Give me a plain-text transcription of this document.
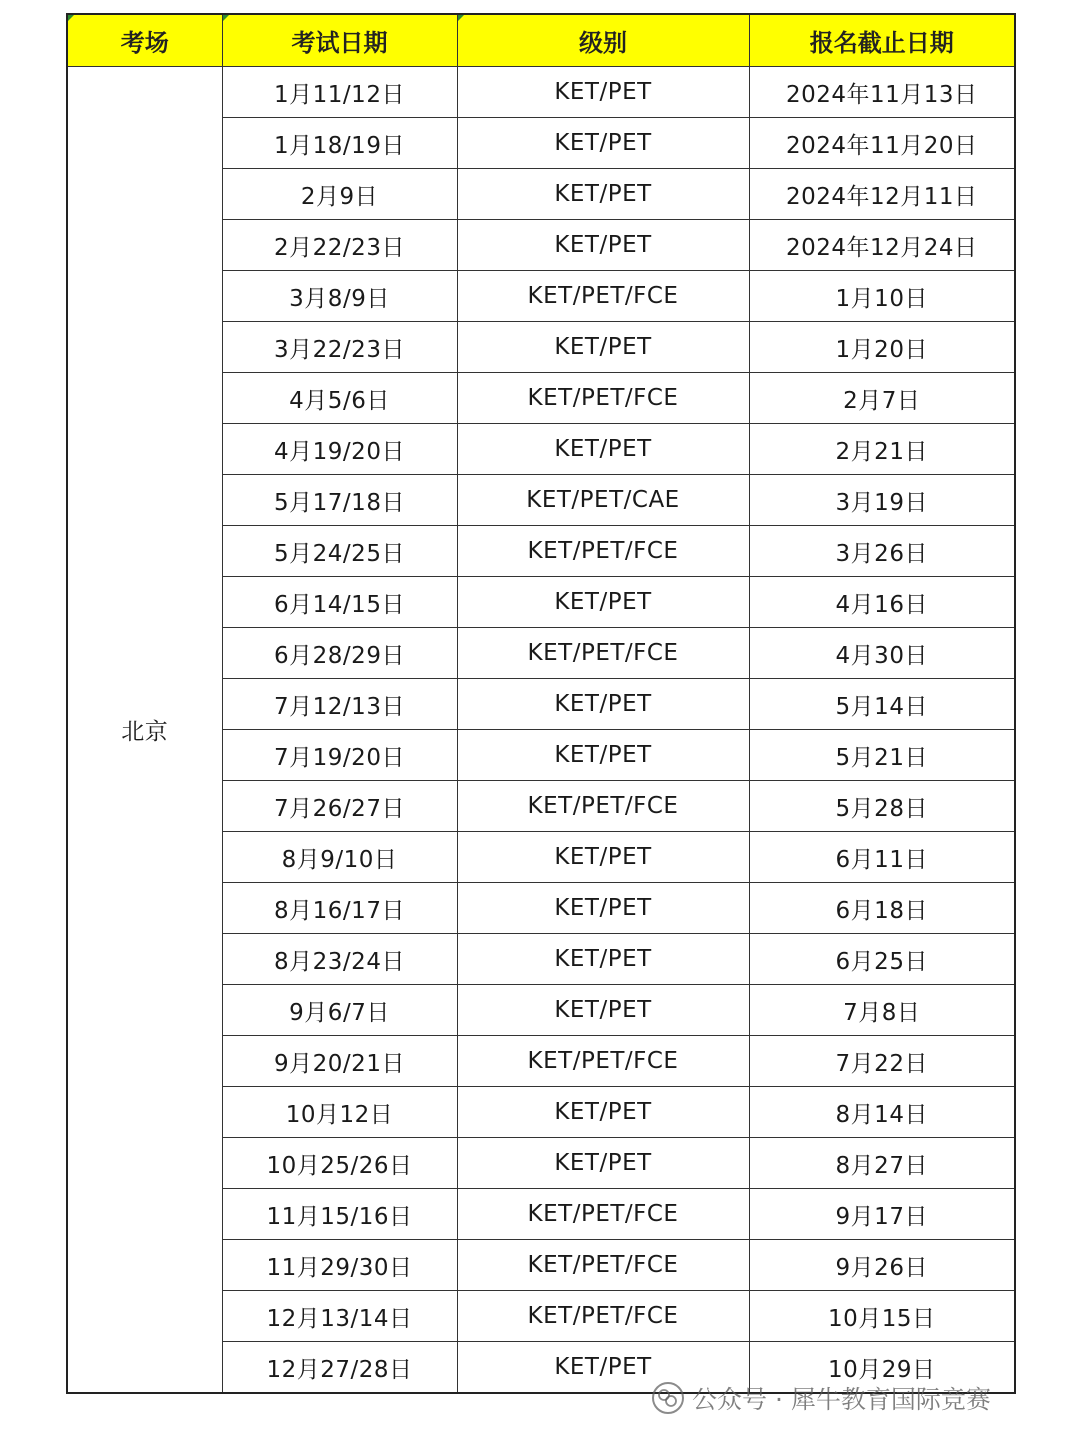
考场	考试日期	级别	报名截止日期
北京	1月11/12日	KET/PET	2024年11月13日
	1月18/19日	KET/PET	2024年11月20日
	2月9日	KET/PET	2024年12月11日
	2月22/23日	KET/PET	2024年12月24日
	3月8/9日	KET/PET/FCE	1月10日
	3月22/23日	KET/PET	1月20日
	4月5/6日	KET/PET/FCE	2月7日
	4月19/20日	KET/PET	2月21日
	5月17/18日	KET/PET/CAE	3月19日
	5月24/25日	KET/PET/FCE	3月26日
	6月14/15日	KET/PET	4月16日
	6月28/29日	KET/PET/FCE	4月30日
	7月12/13日	KET/PET	5月14日
	7月19/20日	KET/PET	5月21日
	7月26/27日	KET/PET/FCE	5月28日
	8月9/10日	KET/PET	6月11日
	8月16/17日	KET/PET	6月18日
	8月23/24日	KET/PET	6月25日
	9月6/7日	KET/PET	7月8日
	9月20/21日	KET/PET/FCE	7月22日
	10月12日	KET/PET	8月14日
	10月25/26日	KET/PET	8月27日
	11月15/16日	KET/PET/FCE	9月17日
	11月29/30日	KET/PET/FCE	9月26日
	12月13/14日	KET/PET/FCE	10月15日
	12月27/28日	KET/PET	10月29日
公众号 · 犀牛教育国际竞赛
